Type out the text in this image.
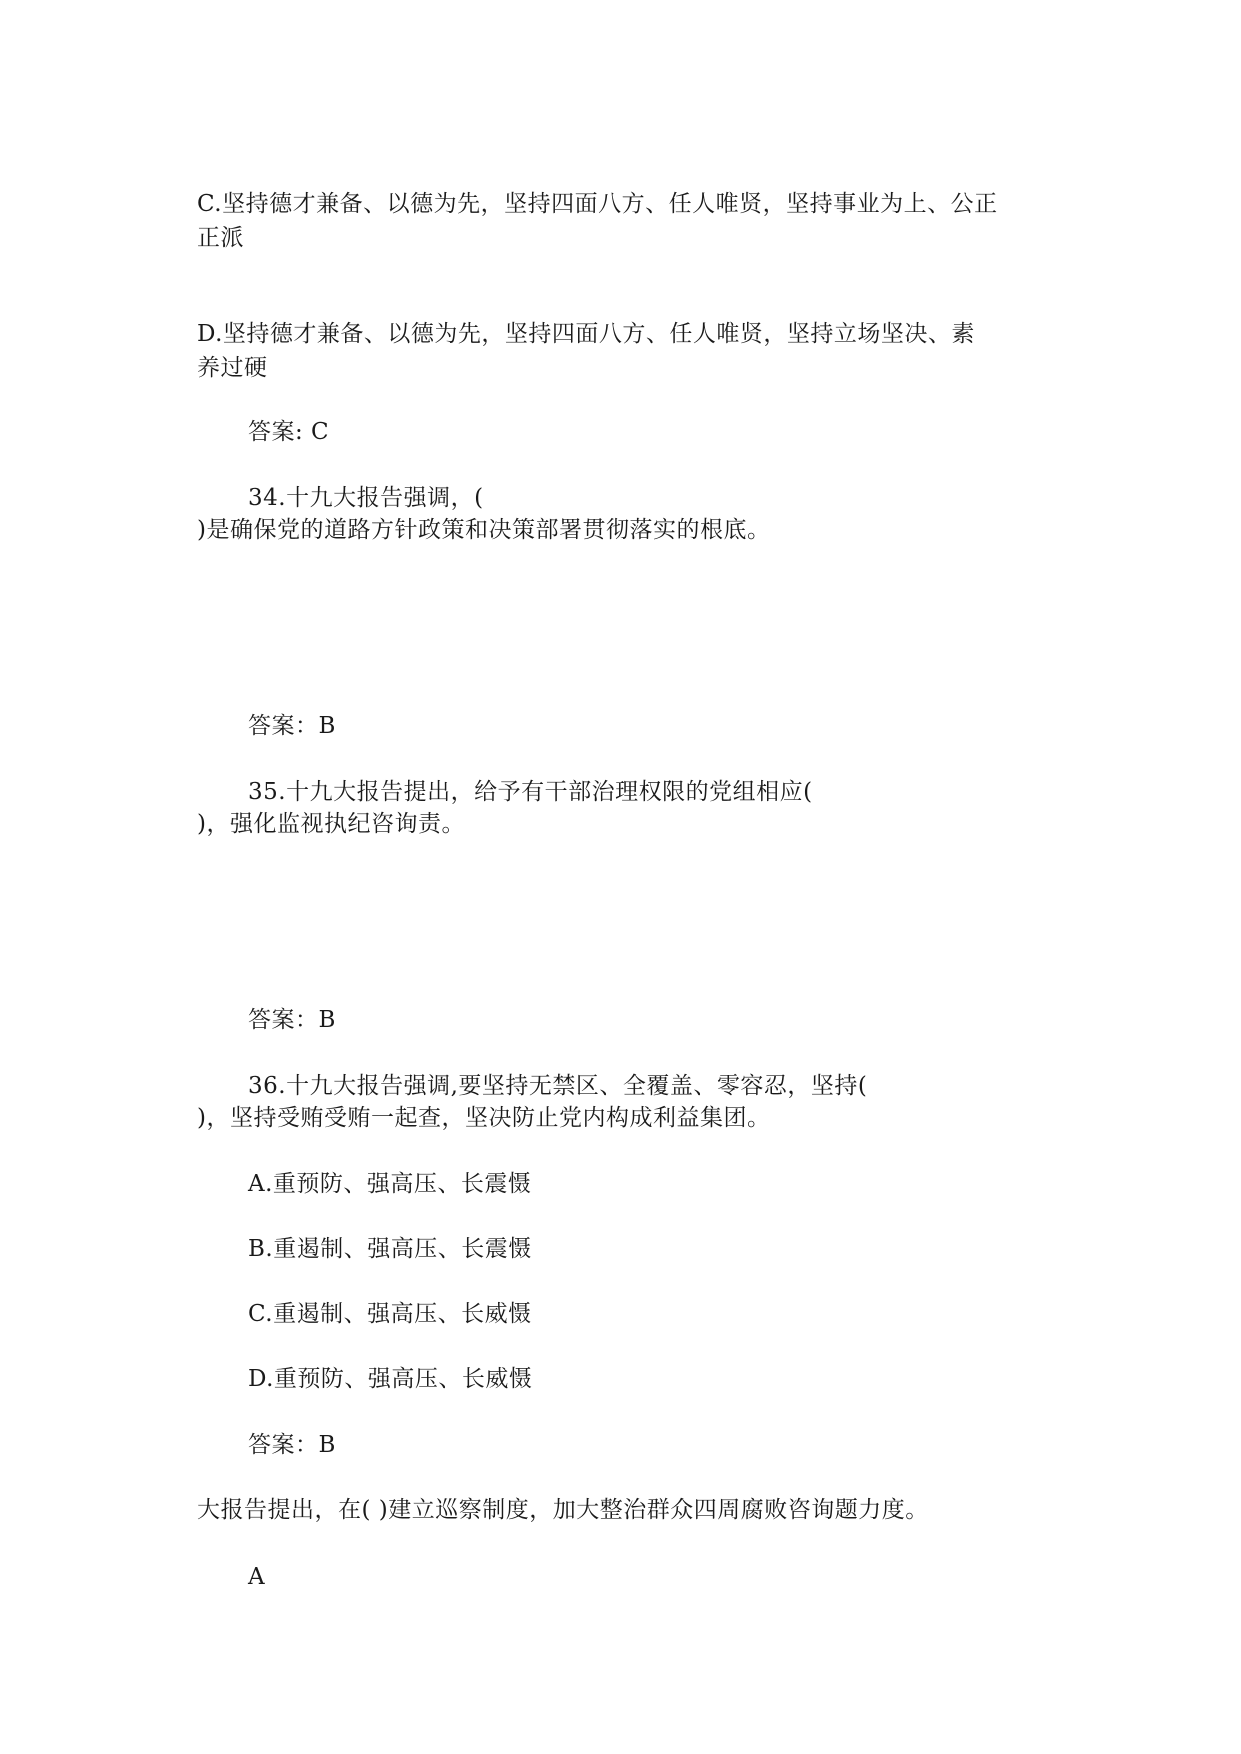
C.坚持德才兼备、以德为先，坚持四面八方、任人唯贤，坚持事业为上、公正
正派
D.坚持德才兼备、以德为先，坚持四面八方、任人唯贤，坚持立场坚决、素
养过硬
答案: C
34.十九大报告强调，(
)是确保党的道路方针政策和决策部署贯彻落实的根底。
答案：B
35.十九大报告提出，给予有干部治理权限的党组相应(
)，强化监视执纪咨询责。
答案：B
36.十九大报告强调,要坚持无禁区、全覆盖、零容忍，坚持(
)，坚持受贿受贿一起查，坚决防止党内构成利益集团。
A.重预防、强高压、长震慑
B.重遏制、强高压、长震慑
C.重遏制、强高压、长威慑
D.重预防、强高压、长威慑
答案：B
大报告提出，在( )建立巡察制度，加大整治群众四周腐败咨询题力度。
A
